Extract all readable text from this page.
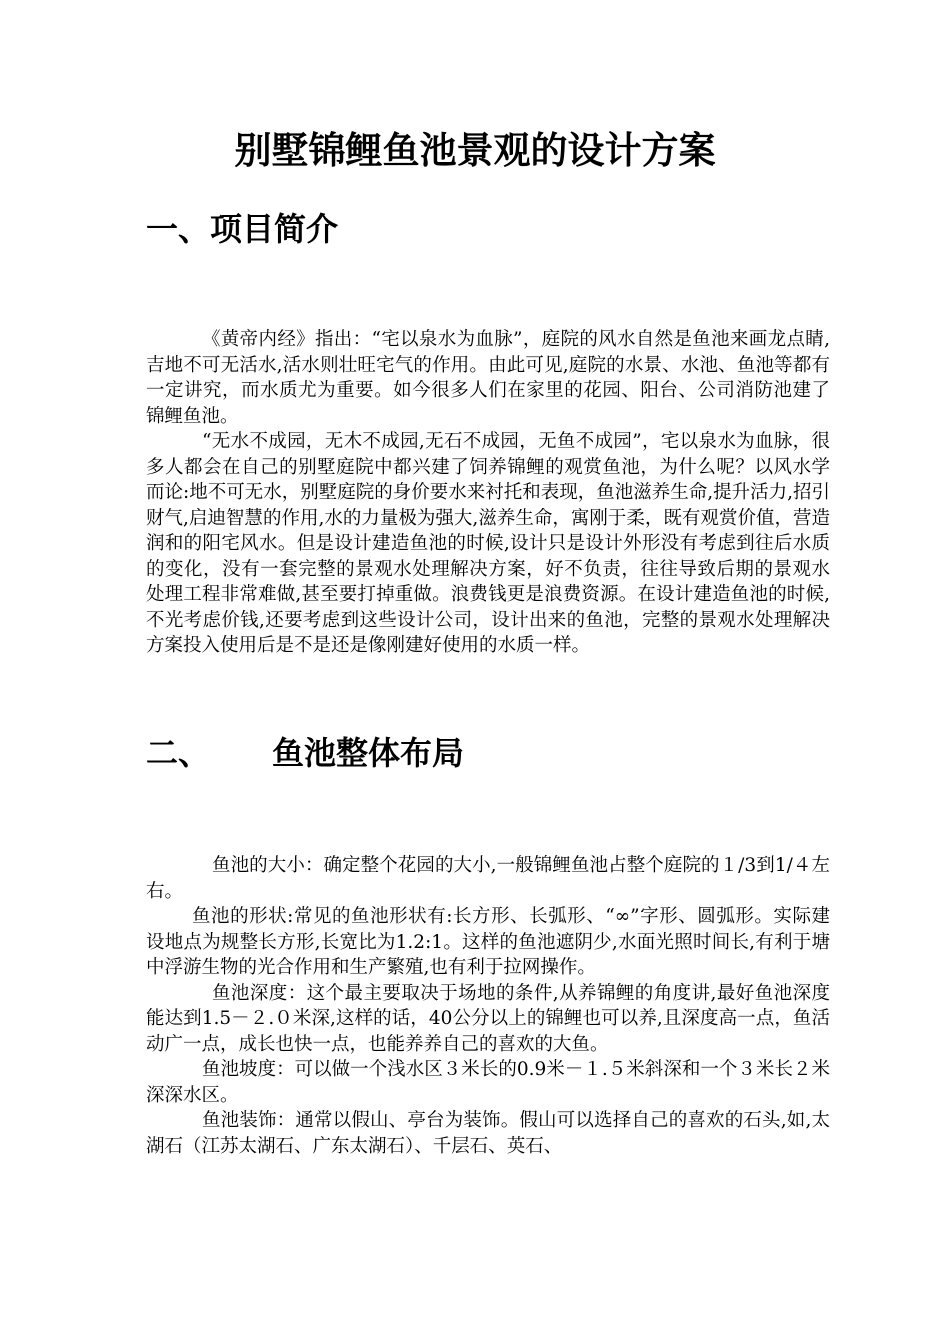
别墅锦鲤鱼池景观的设计方案
一、项目简介

《黄帝内经》指出：“宅以泉水为血脉”，庭院的风水自然是鱼池来画龙点睛,吉地不可无活水,活水则壮旺宅气的作用。由此可见,庭院的水景、水池、鱼池等都有一定讲究，而水质尤为重要。如今很多人们在家里的花园、阳台、公司消防池建了锦鲤鱼池。

“无水不成园，无木不成园,无石不成园，无鱼不成园”，宅以泉水为血脉，很多人都会在自己的别墅庭院中都兴建了饲养锦鲤的观赏鱼池，为什么呢？以风水学而论:地不可无水，别墅庭院的身价要水来衬托和表现，鱼池滋养生命,提升活力,招引财气,启迪智慧的作用,水的力量极为强大,滋养生命，寓刚于柔，既有观赏价值，营造润和的阳宅风水。但是设计建造鱼池的时候,设计只是设计外形没有考虑到往后水质的变化，没有一套完整的景观水处理解决方案，好不负责，往往导致后期的景观水处理工程非常难做,甚至要打掉重做。浪费钱更是浪费资源。在设计建造鱼池的时候,不光考虑价钱,还要考虑到这些设计公司，设计出来的鱼池，完整的景观水处理解决方案投入使用后是不是还是像刚建好使用的水质一样。

二、 鱼池整体布局

鱼池的大小：确定整个花园的大小,一般锦鲤鱼池占整个庭院的１/3到1/４左右。

鱼池的形状:常见的鱼池形状有:长方形、长弧形、“∞”字形、圆弧形。实际建设地点为规整长方形,长宽比为1.2:1。这样的鱼池遮阴少,水面光照时间长,有利于塘中浮游生物的光合作用和生产繁殖,也有利于拉网操作。

鱼池深度：这个最主要取决于场地的条件,从养锦鲤的角度讲,最好鱼池深度能达到1.5－２.０米深,这样的话，40公分以上的锦鲤也可以养,且深度高一点，鱼活动广一点，成长也快一点，也能养养自己的喜欢的大鱼。

鱼池坡度：可以做一个浅水区３米长的0.9米－１.５米斜深和一个３米长２米深深水区。

鱼池装饰：通常以假山、亭台为装饰。假山可以选择自己的喜欢的石头,如,太湖石（江苏太湖石、广东太湖石）、千层石、英石、
